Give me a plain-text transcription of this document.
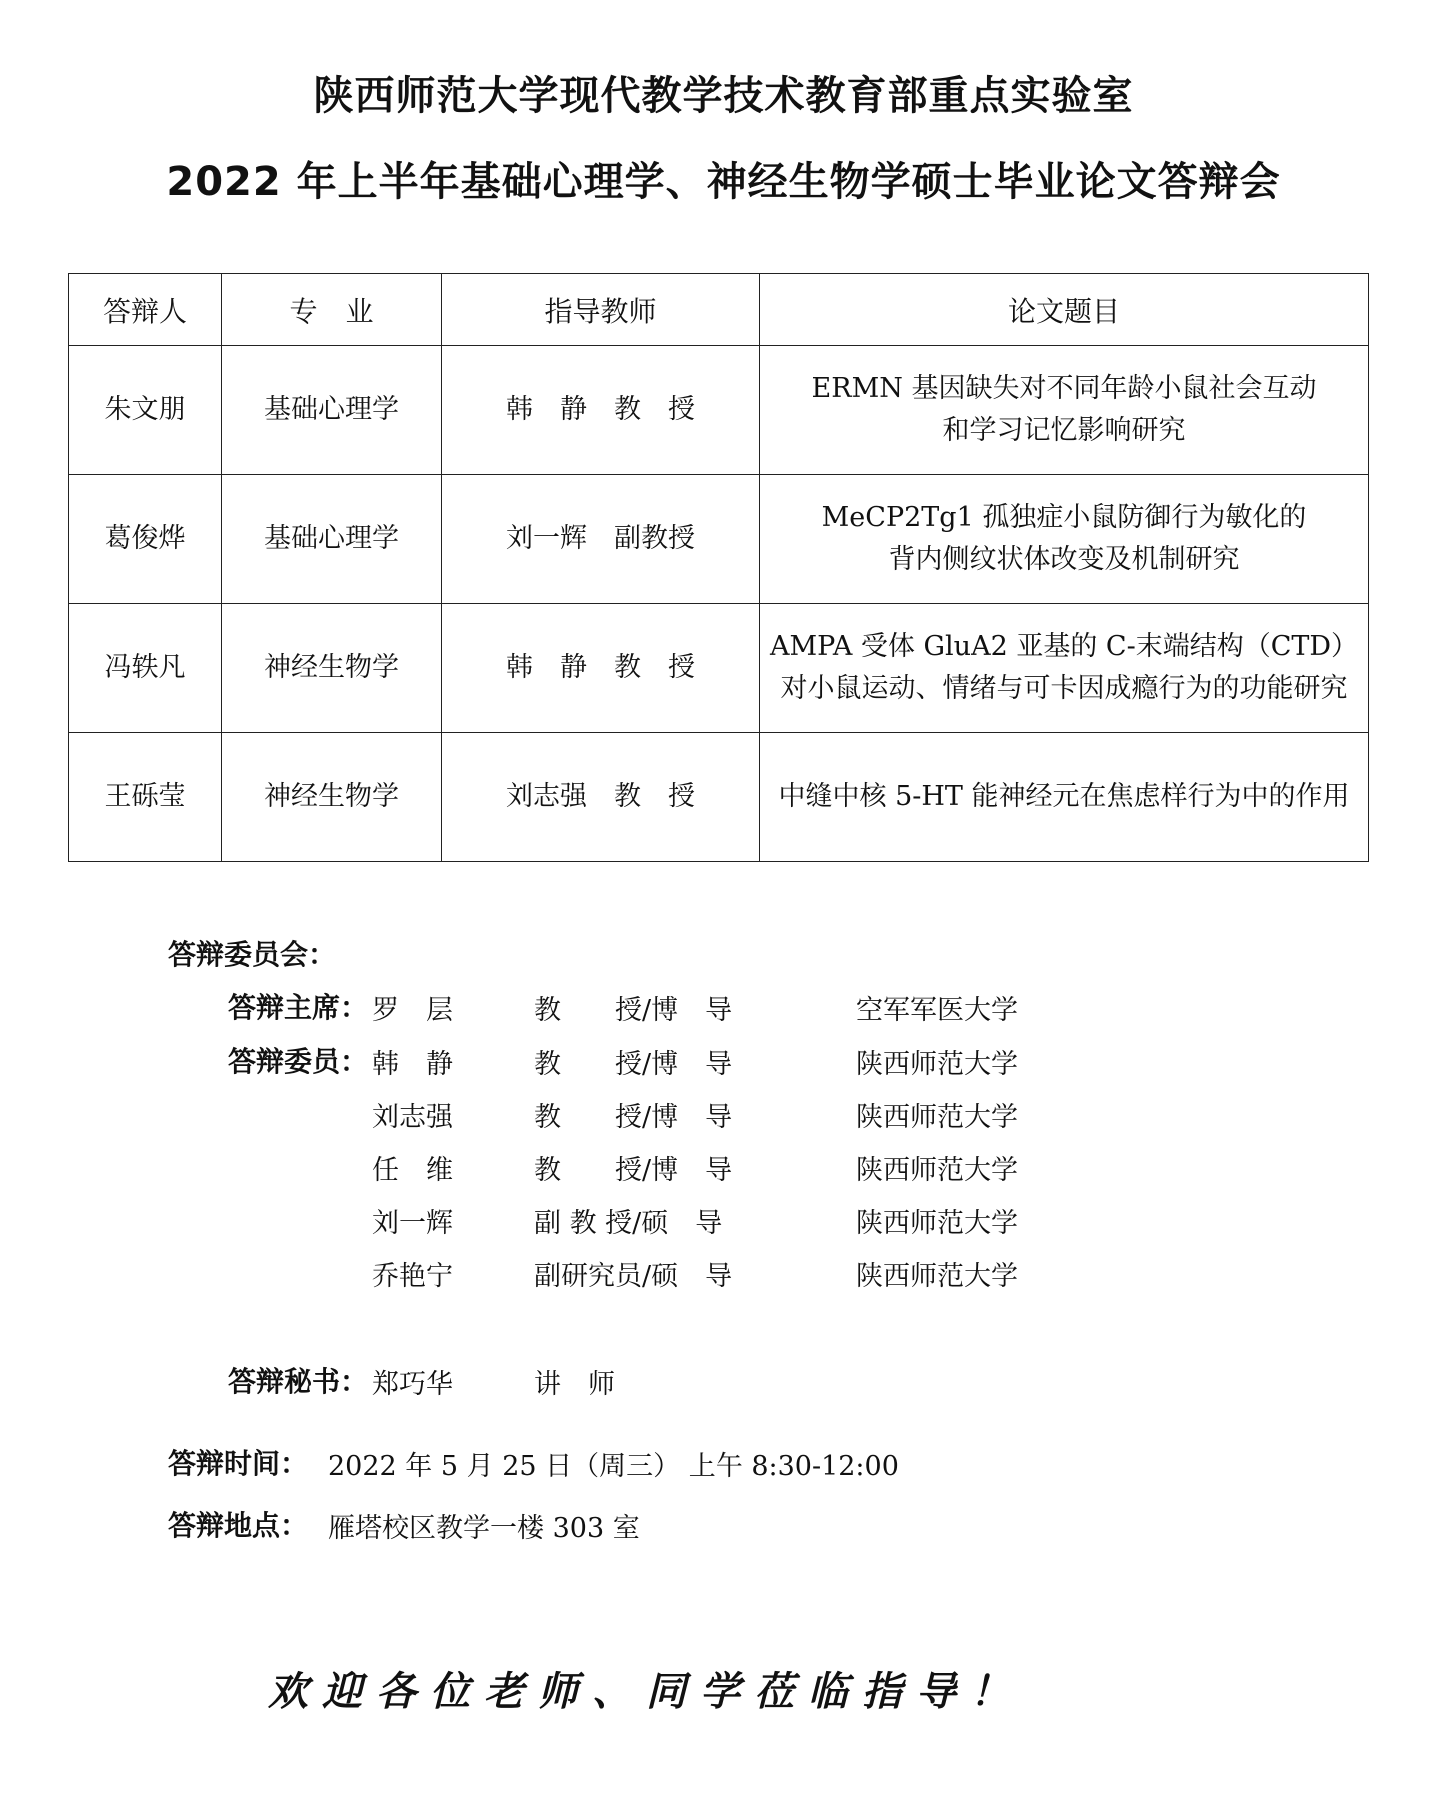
陕西师范大学现代教学技术教育部重点实验室
2022 年上半年基础心理学、神经生物学硕士毕业论文答辩会
答辩人	专　业	指导教师	论文题目
朱文朋	基础心理学	韩　静　教　授	ERMN 基因缺失对不同年龄小鼠社会互动
和学习记忆影响研究

葛俊烨	基础心理学	刘一辉　副教授	MeCP2Tg1 孤独症小鼠防御行为敏化的
背内侧纹状体改变及机制研究

冯轶凡	神经生物学	韩　静　教　授	AMPA 受体 GluA2 亚基的 C-末端结构（CTD）
对小鼠运动、情绪与可卡因成瘾行为的功能研究

王砾莹	神经生物学	刘志强　教　授	中缝中核 5-HT 能神经元在焦虑样行为中的作用
答辩委员会：
答辩主席： 罗　层	教　　授/博　导	空军军医大学
答辩委员： 韩　静	教　　授/博　导	陕西师范大学
刘志强	教　　授/博　导	陕西师范大学
任　维	教　　授/博　导	陕西师范大学
刘一辉	副 教 授/硕　导	陕西师范大学
乔艳宁	副研究员/硕　导	陕西师范大学
答辩秘书： 郑巧华	讲　师
答辩时间： 2022 年 5 月 25 日（周三） 上午 8:30-12:00
答辩地点： 雁塔校区教学一楼 303 室
欢迎各位老师、同学莅临指导！
